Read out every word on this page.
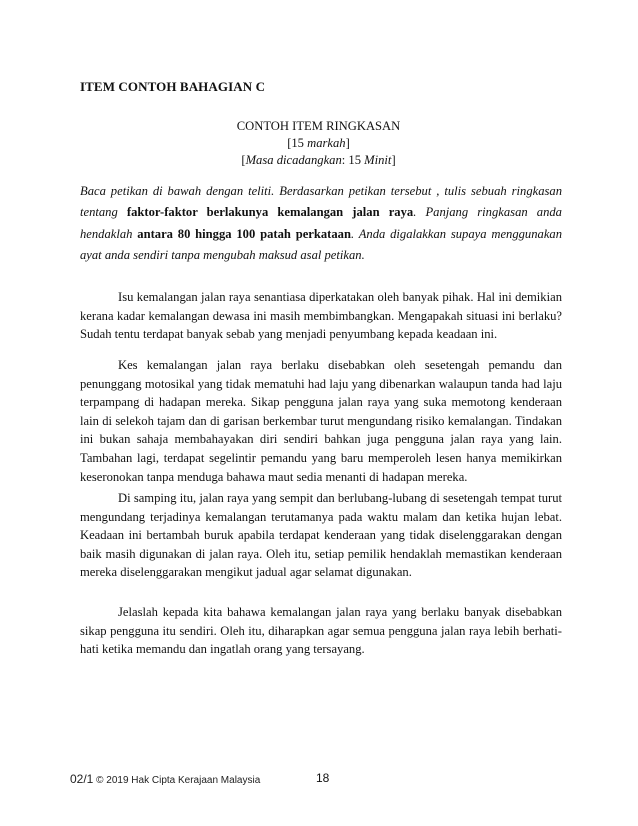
ITEM CONTOH BAHAGIAN C
CONTOH ITEM RINGKASAN
[15 markah]
[Masa dicadangkan: 15 Minit]
Baca petikan di bawah dengan teliti. Berdasarkan petikan tersebut , tulis sebuah ringkasan tentang faktor-faktor berlakunya kemalangan jalan raya. Panjang ringkasan anda hendaklah antara 80 hingga 100 patah perkataan. Anda digalakkan supaya menggunakan ayat anda sendiri tanpa mengubah maksud asal petikan.

Isu kemalangan jalan raya senantiasa diperkatakan oleh banyak pihak. Hal ini demikian kerana kadar kemalangan dewasa ini masih membimbangkan. Mengapakah situasi ini berlaku? Sudah tentu terdapat banyak sebab yang menjadi penyumbang kepada keadaan ini.

Kes kemalangan jalan raya berlaku disebabkan oleh sesetengah pemandu dan penunggang motosikal yang tidak mematuhi had laju yang dibenarkan walaupun tanda had laju terpampang di hadapan mereka. Sikap pengguna jalan raya yang suka memotong kenderaan lain di selekoh tajam dan di garisan berkembar turut mengundang risiko kemalangan. Tindakan ini bukan sahaja membahayakan diri sendiri bahkan juga pengguna jalan raya yang lain. Tambahan lagi, terdapat segelintir pemandu yang baru memperoleh lesen hanya memikirkan keseronokan tanpa menduga bahawa maut sedia menanti di hadapan mereka.

Di samping itu, jalan raya yang sempit dan berlubang-lubang di sesetengah tempat turut mengundang terjadinya kemalangan terutamanya pada waktu malam dan ketika hujan lebat. Keadaan ini bertambah buruk apabila terdapat kenderaan yang tidak diselenggarakan dengan baik masih digunakan di jalan raya. Oleh itu, setiap pemilik hendaklah memastikan kenderaan mereka diselenggarakan mengikut jadual agar selamat digunakan.

Jelaslah kepada kita bahawa kemalangan jalan raya yang berlaku banyak disebabkan sikap pengguna itu sendiri. Oleh itu, diharapkan agar semua pengguna jalan raya lebih berhati-hati ketika memandu dan ingatlah orang yang tersayang.

02/1 © 2019 Hak Cipta Kerajaan Malaysia	18
